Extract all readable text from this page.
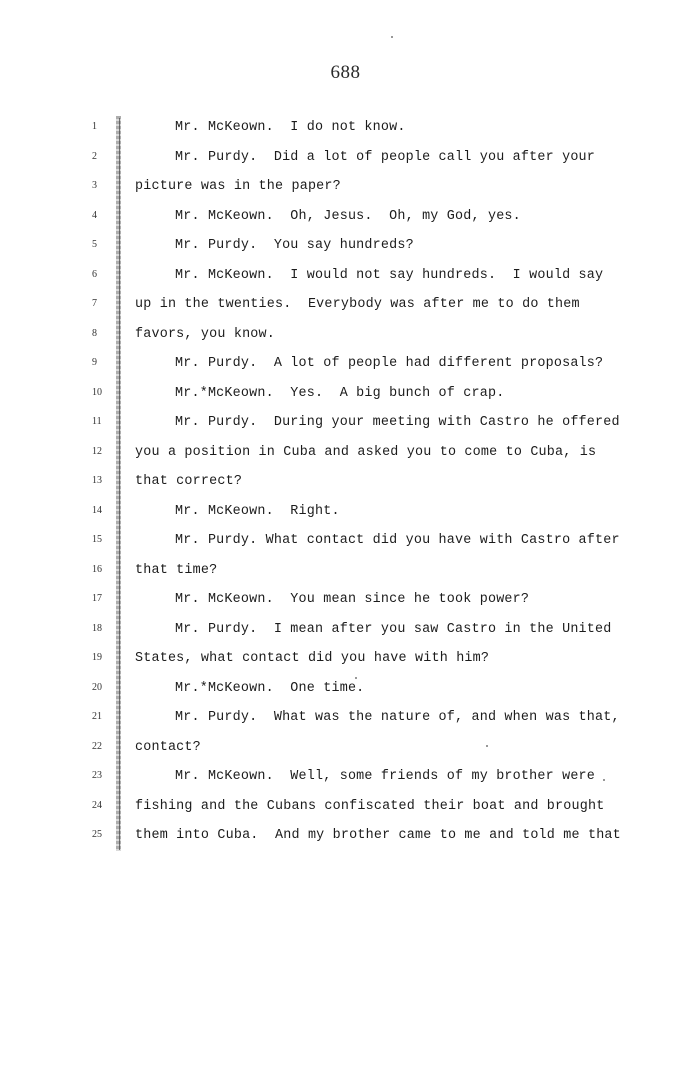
688
1	Mr. McKeown.  I do not know.
2	Mr. Purdy.  Did a lot of people call you after your
3	picture was in the paper?
4	Mr. McKeown.  Oh, Jesus.  Oh, my God, yes.
5	Mr. Purdy.  You say hundreds?
6	Mr. McKeown.  I would not say hundreds.  I would say
7	up in the twenties.  Everybody was after me to do them
8	favors, you know.
9	Mr. Purdy.  A lot of people had different proposals?
10	Mr.*McKeown.  Yes.  A big bunch of crap.
11	Mr. Purdy.  During your meeting with Castro he offered
12	you a position in Cuba and asked you to come to Cuba, is
13	that correct?
14	Mr. McKeown.  Right.
15	Mr. Purdy. What contact did you have with Castro after
16	that time?
17	Mr. McKeown.  You mean since he took power?
18	Mr. Purdy.  I mean after you saw Castro in the United
19	States, what contact did you have with him?
20	Mr.*McKeown.  One time.
21	Mr. Purdy.  What was the nature of, and when was that,
22	contact?
23	Mr. McKeown.  Well, some friends of my brother were
24	fishing and the Cubans confiscated their boat and brought
25	them into Cuba.  And my brother came to me and told me that
